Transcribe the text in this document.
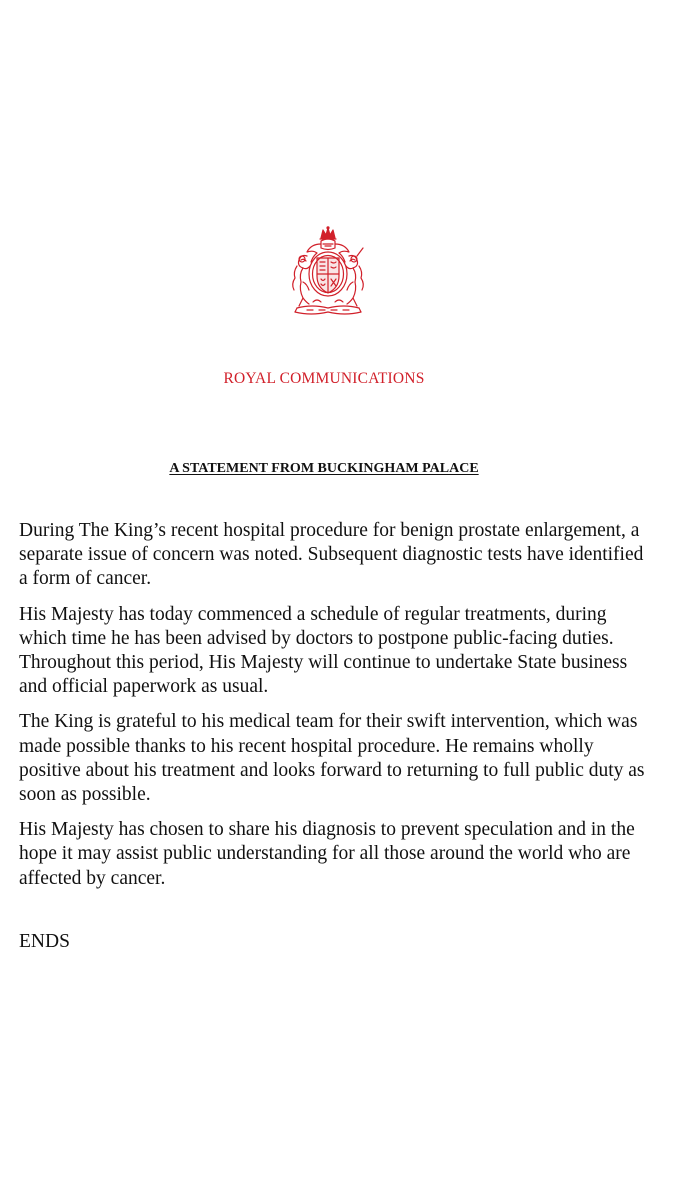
ROYAL COMMUNICATIONS
A STATEMENT FROM BUCKINGHAM PALACE

During The King’s recent hospital procedure for benign prostate enlargement, a separate issue of concern was noted. Subsequent diagnostic tests have identified a form of cancer.

His Majesty has today commenced a schedule of regular treatments, during which time he has been advised by doctors to postpone public-facing duties. Throughout this period, His Majesty will continue to undertake State business and official paperwork as usual.

The King is grateful to his medical team for their swift intervention, which was made possible thanks to his recent hospital procedure. He remains wholly positive about his treatment and looks forward to returning to full public duty as soon as possible.

His Majesty has chosen to share his diagnosis to prevent speculation and in the hope it may assist public understanding for all those around the world who are affected by cancer.

ENDS
